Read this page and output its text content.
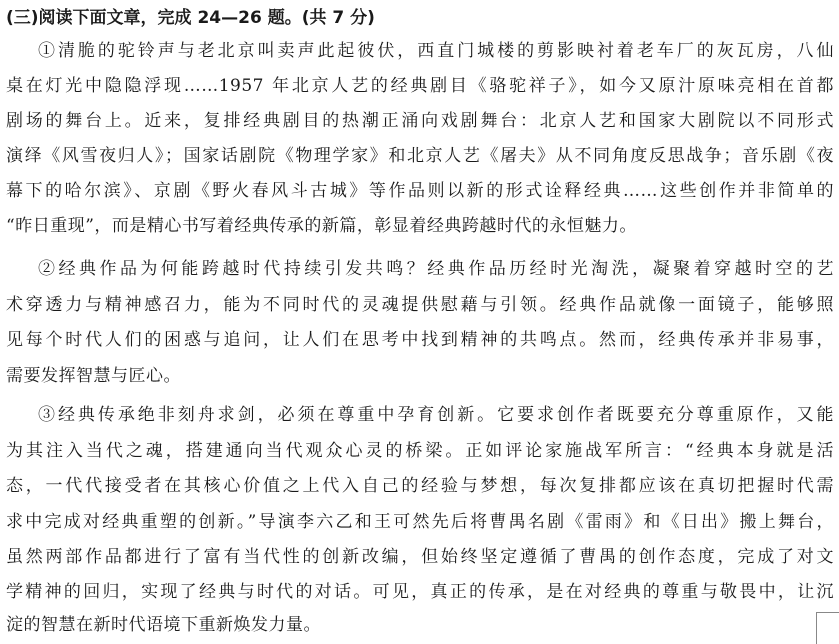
(三)阅读下面文章，完成 24—26 题。(共 7 分)
①清脆的驼铃声与老北京叫卖声此起彼伏，西直门城楼的剪影映衬着老车厂的灰瓦房，八仙
桌在灯光中隐隐浮现……1957 年北京人艺的经典剧目《骆驼祥子》，如今又原汁原味亮相在首都
剧场的舞台上。近来，复排经典剧目的热潮正涌向戏剧舞台：北京人艺和国家大剧院以不同形式
演绎《风雪夜归人》；国家话剧院《物理学家》和北京人艺《屠夫》从不同角度反思战争；音乐剧《夜
幕下的哈尔滨》、京剧《野火春风斗古城》等作品则以新的形式诠释经典……这些创作并非简单的
“昨日重现”，而是精心书写着经典传承的新篇，彰显着经典跨越时代的永恒魅力。
②经典作品为何能跨越时代持续引发共鸣？经典作品历经时光淘洗，凝聚着穿越时空的艺
术穿透力与精神感召力，能为不同时代的灵魂提供慰藉与引领。经典作品就像一面镜子，能够照
见每个时代人们的困惑与追问，让人们在思考中找到精神的共鸣点。然而，经典传承并非易事，
需要发挥智慧与匠心。
③经典传承绝非刻舟求剑，必须在尊重中孕育创新。它要求创作者既要充分尊重原作，又能
为其注入当代之魂，搭建通向当代观众心灵的桥梁。正如评论家施战军所言：“经典本身就是活
态，一代代接受者在其核心价值之上代入自己的经验与梦想，每次复排都应该在真切把握时代需
求中完成对经典重塑的创新。”导演李六乙和王可然先后将曹禺名剧《雷雨》和《日出》搬上舞台，
虽然两部作品都进行了富有当代性的创新改编，但始终坚定遵循了曹禺的创作态度，完成了对文
学精神的回归，实现了经典与时代的对话。可见，真正的传承，是在对经典的尊重与敬畏中，让沉
淀的智慧在新时代语境下重新焕发力量。
